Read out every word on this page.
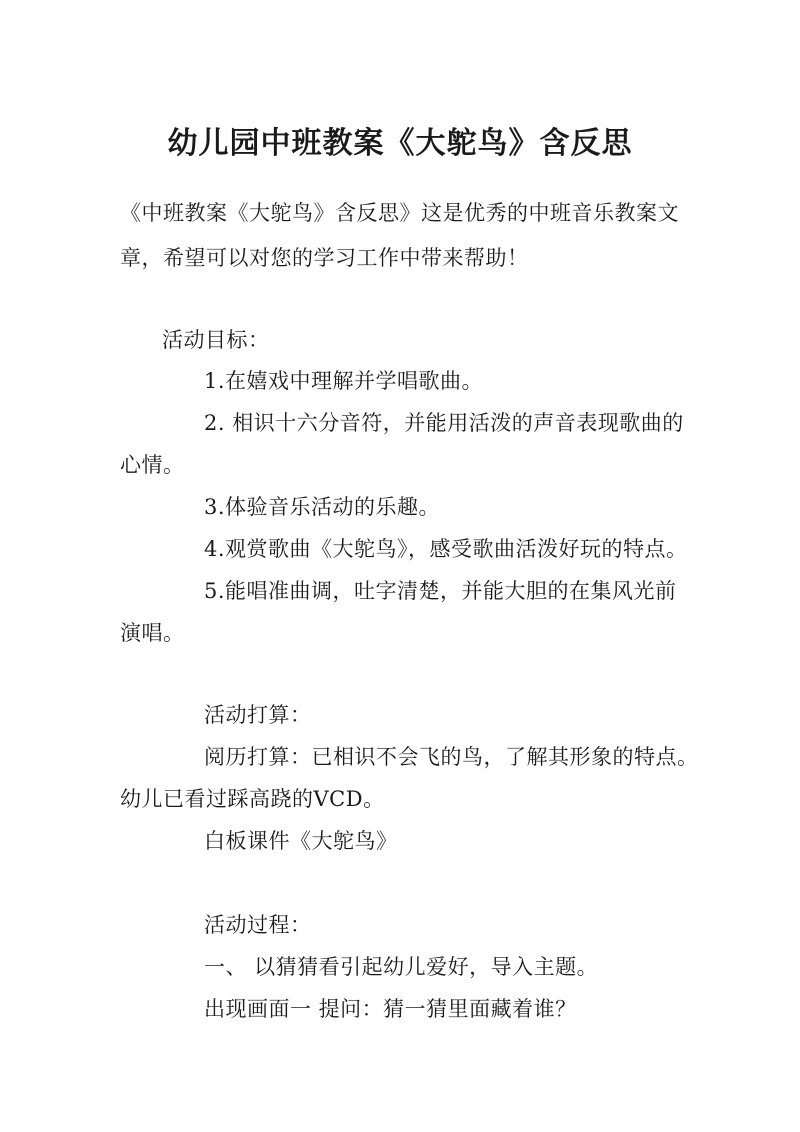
幼儿园中班教案《大鸵鸟》含反思
《中班教案《大鸵鸟》含反思》这是优秀的中班音乐教案文
章，希望可以对您的学习工作中带来帮助！
活动目标：
1.在嬉戏中理解并学唱歌曲。
2. 相识十六分音符，并能用活泼的声音表现歌曲的
心情。
3.体验音乐活动的乐趣。
4.观赏歌曲《大鸵鸟》，感受歌曲活泼好玩的特点。
5.能唱准曲调，吐字清楚，并能大胆的在集风光前
演唱。
活动打算：
阅历打算：已相识不会飞的鸟，了解其形象的特点。
幼儿已看过踩高跷的VCD。
白板课件《大鸵鸟》
活动过程：
一、 以猜猜看引起幼儿爱好，导入主题。
出现画面一 提问：猜一猜里面藏着谁？
